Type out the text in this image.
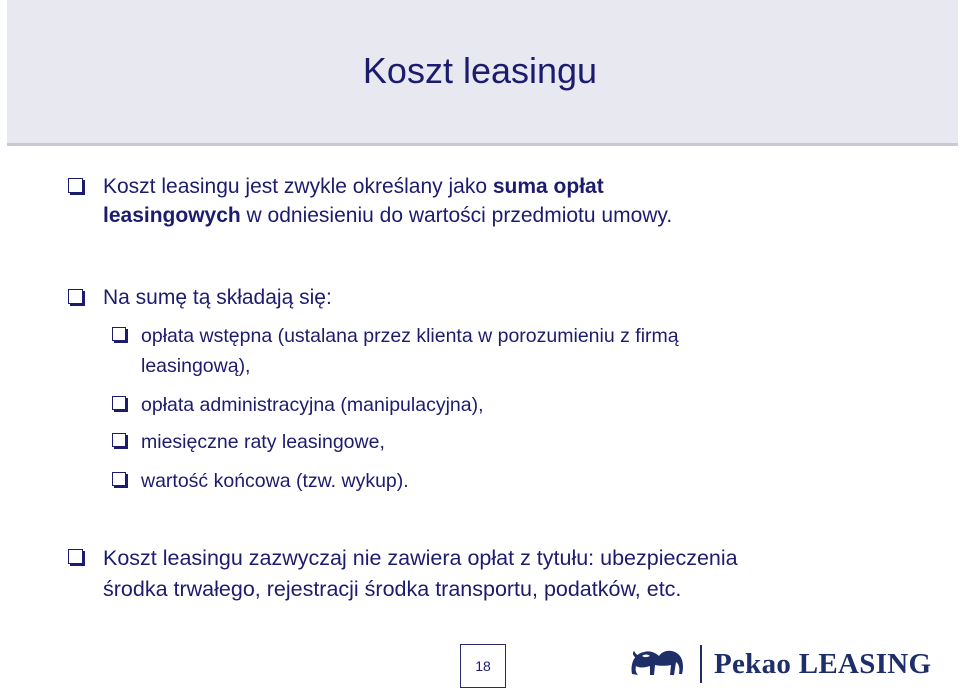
Koszt leasingu
Koszt leasingu jest zwykle określany jako suma opłat
leasingowych w odniesieniu do wartości przedmiotu umowy.
Na sumę tą składają się:
opłata wstępna (ustalana przez klienta w porozumieniu z firmą
leasingową),
opłata administracyjna (manipulacyjna),
miesięczne raty leasingowe,
wartość końcowa (tzw. wykup).
Koszt leasingu zazwyczaj nie zawiera opłat z tytułu: ubezpieczenia
środka trwałego, rejestracji środka transportu, podatków, etc.
18	Pekao LEASING
